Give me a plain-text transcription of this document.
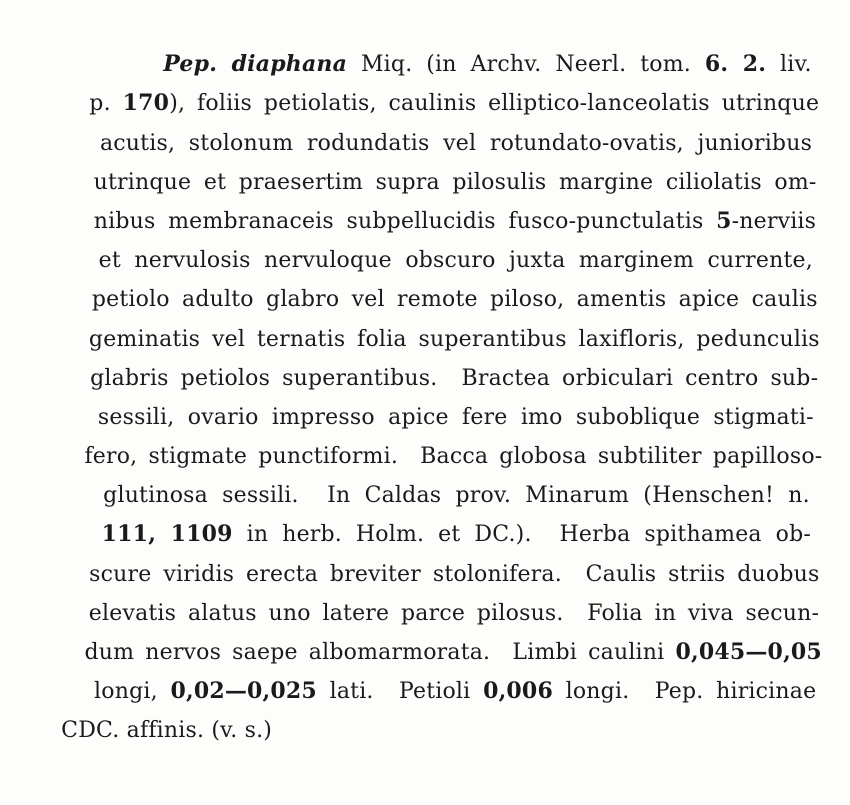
Pep. diaphana Miq. (in Archv. Neerl. tom. 6. 2. liv.

p. 170), foliis petiolatis, caulinis elliptico-lanceolatis utrinque

acutis, stolonum rodundatis vel rotundato-ovatis, junioribus

utrinque et praesertim supra pilosulis margine ciliolatis om-

nibus membranaceis subpellucidis fusco-punctulatis 5-nerviis

et nervulosis nervuloque obscuro juxta marginem currente,

petiolo adulto glabro vel remote piloso, amentis apice caulis

geminatis vel ternatis folia superantibus laxifloris, pedunculis

glabris petiolos superantibus.  Bractea orbiculari centro sub-

sessili, ovario impresso apice fere imo suboblique stigmati-

fero, stigmate punctiformi.  Bacca globosa subtiliter papilloso-

glutinosa sessili.  In Caldas prov. Minarum (Henschen! n.

111, 1109 in herb. Holm. et DC.).  Herba spithamea ob-

scure viridis erecta breviter stolonifera.  Caulis striis duobus

elevatis alatus uno latere parce pilosus.  Folia in viva secun-

dum nervos saepe albomarmorata.  Limbi caulini 0,045—0,05

longi, 0,02—0,025 lati.  Petioli 0,006 longi.  Pep. hiricinae

CDC. affinis. (v. s.)
